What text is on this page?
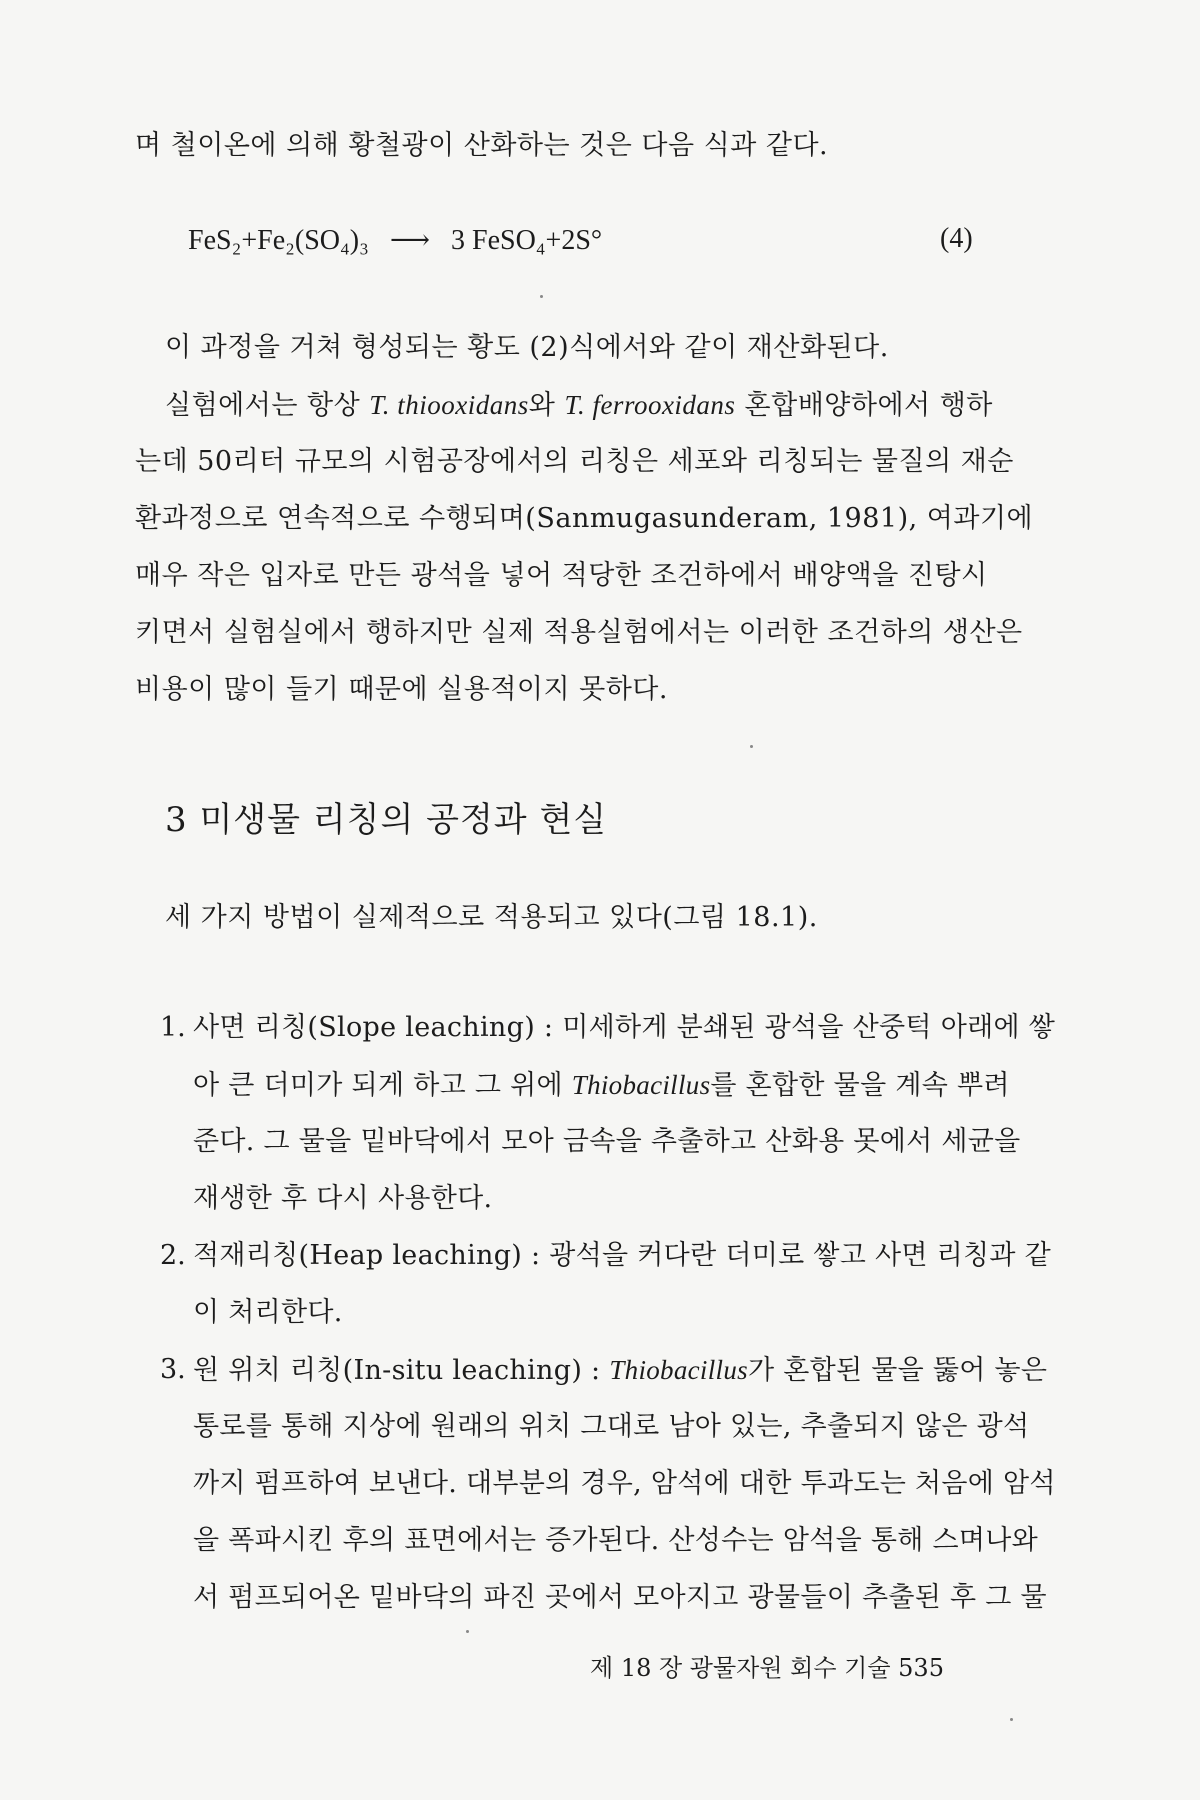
며 철이온에 의해 황철광이 산화하는 것은 다음 식과 같다.
FeS₂+Fe₂(SO₄)₃ ⟶ 3 FeSO₄+2S°	(4)
이 과정을 거쳐 형성되는 황도 (2)식에서와 같이 재산화된다.
실험에서는 항상 T. thiooxidans와 T. ferrooxidans 혼합배양하에서 행하
는데 50리터 규모의 시험공장에서의 리칭은 세포와 리칭되는 물질의 재순
환과정으로 연속적으로 수행되며(Sanmugasunderam, 1981), 여과기에
매우 작은 입자로 만든 광석을 넣어 적당한 조건하에서 배양액을 진탕시
키면서 실험실에서 행하지만 실제 적용실험에서는 이러한 조건하의 생산은
비용이 많이 들기 때문에 실용적이지 못하다.
3 미생물 리칭의 공정과 현실
세 가지 방법이 실제적으로 적용되고 있다(그림 18.1).
1. 사면 리칭(Slope leaching) : 미세하게 분쇄된 광석을 산중턱 아래에 쌓
아 큰 더미가 되게 하고 그 위에 Thiobacillus를 혼합한 물을 계속 뿌려
준다. 그 물을 밑바닥에서 모아 금속을 추출하고 산화용 못에서 세균을
재생한 후 다시 사용한다.
2. 적재리칭(Heap leaching) : 광석을 커다란 더미로 쌓고 사면 리칭과 같
이 처리한다.
3. 원 위치 리칭(In-situ leaching) : Thiobacillus가 혼합된 물을 뚫어 놓은
통로를 통해 지상에 원래의 위치 그대로 남아 있는, 추출되지 않은 광석
까지 펌프하여 보낸다. 대부분의 경우, 암석에 대한 투과도는 처음에 암석
을 폭파시킨 후의 표면에서는 증가된다. 산성수는 암석을 통해 스며나와
서 펌프되어온 밑바닥의 파진 곳에서 모아지고 광물들이 추출된 후 그 물
제 18 장 광물자원 회수 기술 535
